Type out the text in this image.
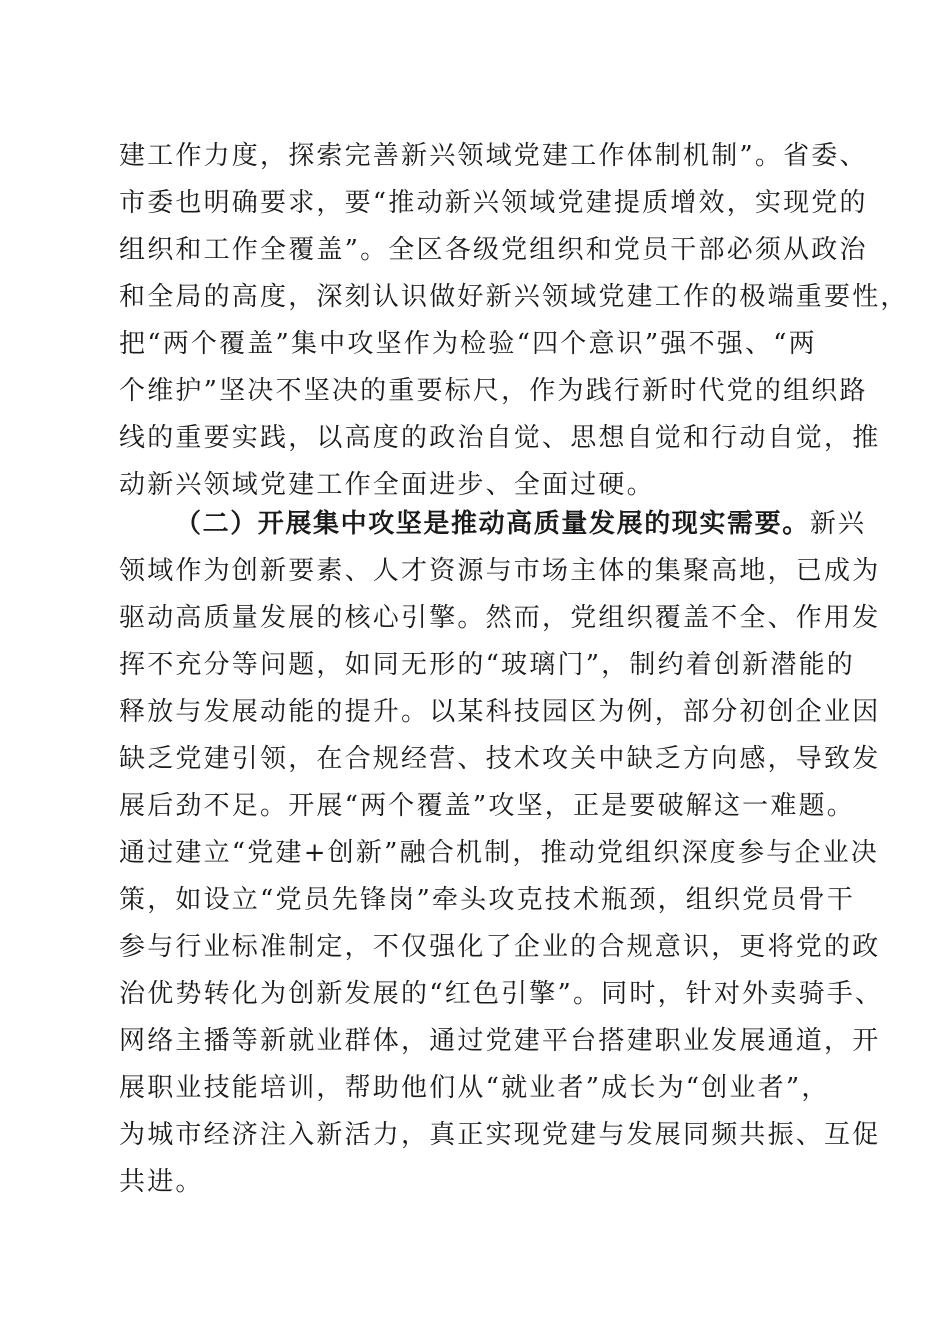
建工作力度，探索完善新兴领域党建工作体制机制”。省委、
市委也明确要求，要“推动新兴领域党建提质增效，实现党的
组织和工作全覆盖”。全区各级党组织和党员干部必须从政治
和全局的高度，深刻认识做好新兴领域党建工作的极端重要性，
把“两个覆盖”集中攻坚作为检验“四个意识”强不强、“两
个维护”坚决不坚决的重要标尺，作为践行新时代党的组织路
线的重要实践，以高度的政治自觉、思想自觉和行动自觉，推
动新兴领域党建工作全面进步、全面过硬。
（二）开展集中攻坚是推动高质量发展的现实需要。新兴
领域作为创新要素、人才资源与市场主体的集聚高地，已成为
驱动高质量发展的核心引擎。然而，党组织覆盖不全、作用发
挥不充分等问题，如同无形的“玻璃门”，制约着创新潜能的
释放与发展动能的提升。以某科技园区为例，部分初创企业因
缺乏党建引领，在合规经营、技术攻关中缺乏方向感，导致发
展后劲不足。开展“两个覆盖”攻坚，正是要破解这一难题。
通过建立“党建+创新”融合机制，推动党组织深度参与企业决
策，如设立“党员先锋岗”牵头攻克技术瓶颈，组织党员骨干
参与行业标准制定，不仅强化了企业的合规意识，更将党的政
治优势转化为创新发展的“红色引擎”。同时，针对外卖骑手、
网络主播等新就业群体，通过党建平台搭建职业发展通道，开
展职业技能培训，帮助他们从“就业者”成长为“创业者”，
为城市经济注入新活力，真正实现党建与发展同频共振、互促
共进。
